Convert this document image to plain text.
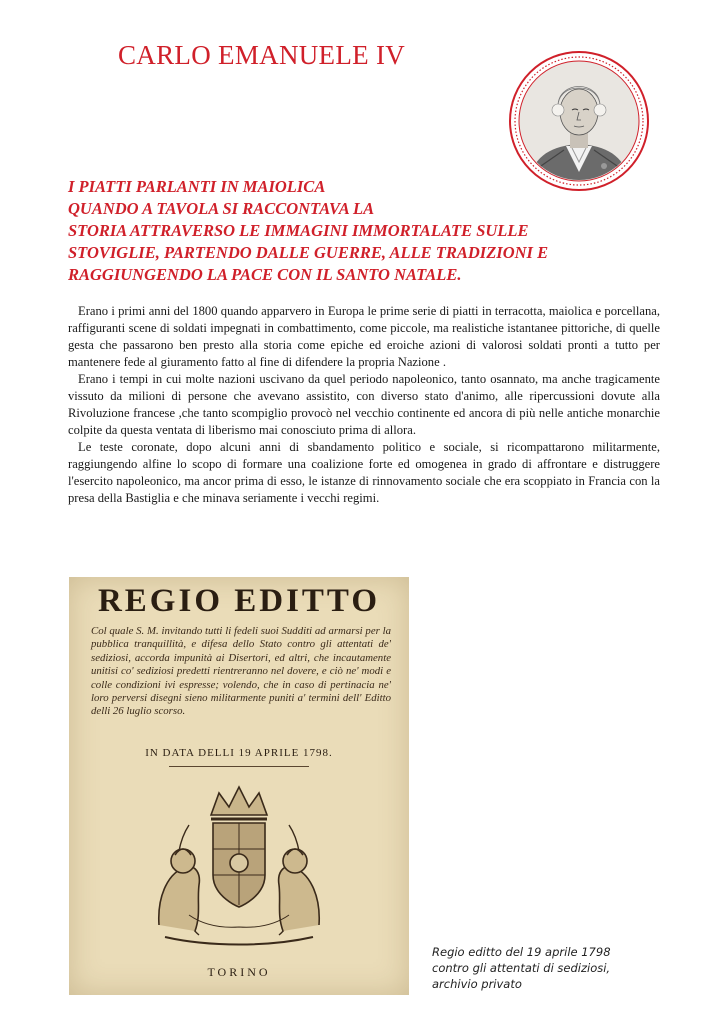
CARLO EMANUELE IV
I PIATTI PARLANTI IN MAIOLICA
QUANDO A TAVOLA SI RACCONTAVA LA
STORIA ATTRAVERSO LE IMMAGINI IMMORTALATE SULLE
STOVIGLIE, PARTENDO DALLE GUERRE, ALLE TRADIZIONI E
RAGGIUNGENDO LA PACE CON IL SANTO NATALE.

Erano i primi anni del 1800 quando apparvero in Europa le prime serie di piatti in terracotta, maiolica e porcellana, raffiguranti scene di soldati impegnati in combattimento, come piccole, ma realistiche istantanee pittoriche, di quelle gesta che passarono ben presto alla storia come epiche ed eroiche azioni di valorosi soldati pronti a tutto per mantenere fede al giuramento fatto al fine di difendere la propria Nazione .

Erano i tempi in cui molte nazioni uscivano da quel periodo napoleonico, tanto osannato, ma anche tragicamente vissuto da milioni di persone che avevano assistito, con diverso stato d'animo, alle ripercussioni dovute alla Rivoluzione francese ,che tanto scompiglio provocò nel vecchio continente ed ancora di più nelle antiche monarchie colpite da questa ventata di liberismo mai conosciuto prima di allora.

Le teste coronate, dopo alcuni anni di sbandamento politico e sociale, si ricompattarono militarmente, raggiungendo alfine lo scopo di formare una coalizione forte ed omogenea in grado di affrontare e distruggere l'esercito napoleonico, ma ancor prima di esso, le istanze di rinnovamento sociale che era scoppiato in Francia con la presa della Bastiglia e che minava seriamente i vecchi regimi.

REGIO EDITTO
Col quale S. M. invitando tutti li fedeli suoi Sudditi ad armarsi per la pubblica tranquillità, e difesa dello Stato contro gli attentati de' sediziosi, accorda impunità ai Disertori, ed altri, che incautamente unitisi co' sediziosi predetti rientreranno nel dovere, e ciò ne' modi e colle condizioni ivi espresse; volendo, che in caso di pertinacia ne' loro perversi disegni sieno militarmente puniti a' termini dell' Editto delli 26 luglio scorso.
IN DATA DELLI 19 APRILE 1798.
TORINO
Regio editto del 19 aprile 1798
contro gli attentati di sediziosi,
archivio privato
